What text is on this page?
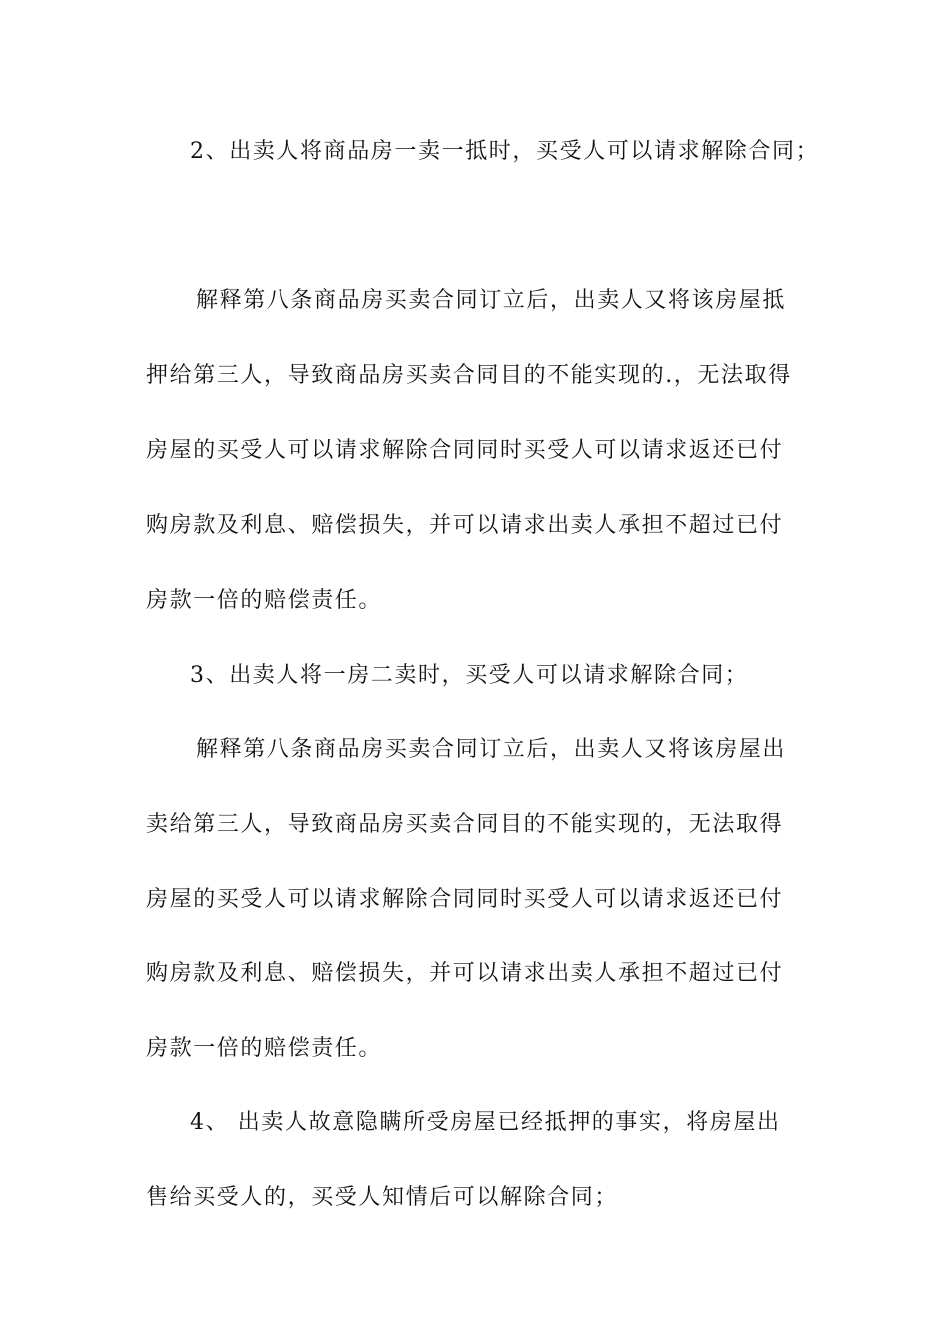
2、出卖人将商品房一卖一抵时，买受人可以请求解除合同；
解释第八条商品房买卖合同订立后，出卖人又将该房屋抵
押给第三人，导致商品房买卖合同目的不能实现的.，无法取得
房屋的买受人可以请求解除合同同时买受人可以请求返还已付
购房款及利息、赔偿损失，并可以请求出卖人承担不超过已付
房款一倍的赔偿责任。
3、出卖人将一房二卖时，买受人可以请求解除合同；
解释第八条商品房买卖合同订立后，出卖人又将该房屋出
卖给第三人，导致商品房买卖合同目的不能实现的，无法取得
房屋的买受人可以请求解除合同同时买受人可以请求返还已付
购房款及利息、赔偿损失，并可以请求出卖人承担不超过已付
房款一倍的赔偿责任。
4、 出卖人故意隐瞒所受房屋已经抵押的事实，将房屋出
售给买受人的，买受人知情后可以解除合同；
